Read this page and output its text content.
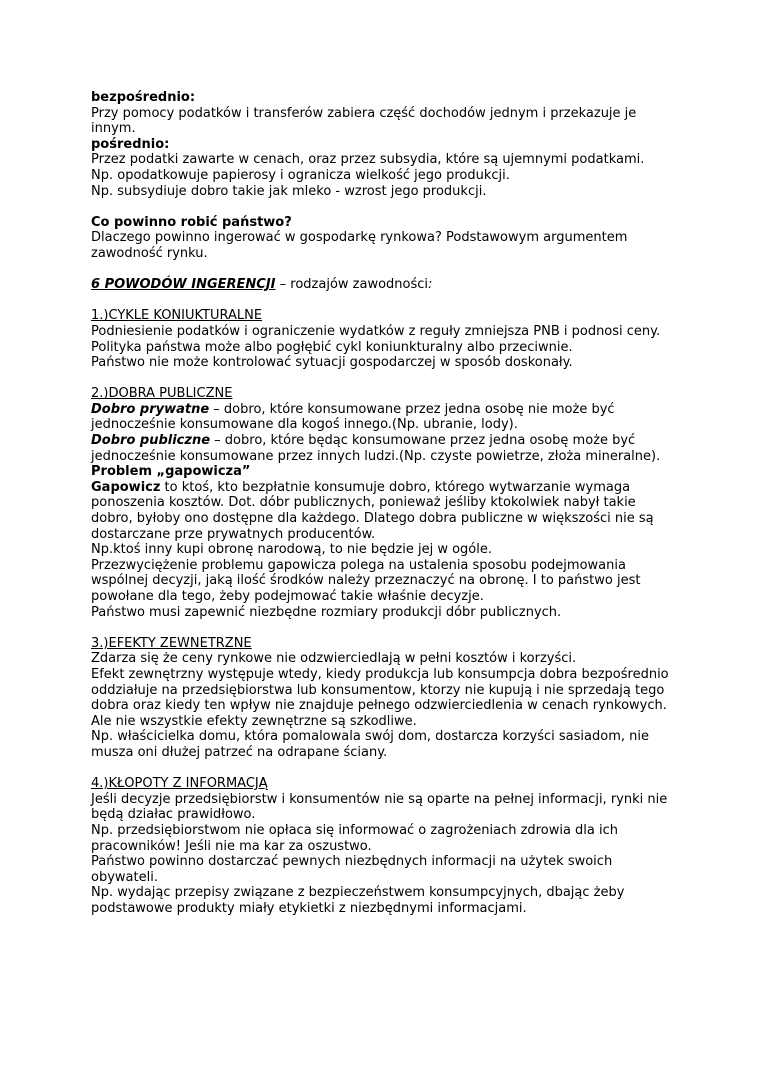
bezpośrednio:

Przy pomocy podatków i transferów zabiera część dochodów jednym i przekazuje je innym.

pośrednio:

Przez podatki zawarte w cenach, oraz przez subsydia, które są ujemnymi podatkami.

Np. opodatkowuje papierosy i ogranicza wielkość jego produkcji.

Np. subsydiuje dobro takie jak mleko - wzrost jego produkcji.

Co powinno robić państwo?

Dlaczego powinno ingerować w gospodarkę rynkowa? Podstawowym argumentem zawodność rynku.

6 POWODÓW INGERENCJI – rodzajów zawodności:

1.)CYKLE KONIUKTURALNE

Podniesienie podatków i ograniczenie wydatków z reguły zmniejsza PNB i podnosi ceny.

Polityka państwa może albo pogłębić cykl koniunkturalny albo przeciwnie.

Państwo nie może kontrolować sytuacji gospodarczej w sposób doskonały.

2.)DOBRA PUBLICZNE

Dobro prywatne – dobro, które konsumowane przez jedna osobę nie może być jednocześnie konsumowane dla kogoś innego.(Np. ubranie, lody).

Dobro publiczne – dobro, które będąc konsumowane przez jedna osobę może być jednocześnie konsumowane przez innych ludzi.(Np. czyste powietrze, złoża mineralne).

Problem „gapowicza”

Gapowicz to ktoś, kto bezpłatnie konsumuje dobro, którego wytwarzanie wymaga ponoszenia kosztów. Dot. dóbr publicznych, ponieważ jeśliby ktokolwiek nabył takie dobro, byłoby ono dostępne dla każdego. Dlatego dobra publiczne w większości nie są dostarczane prze prywatnych producentów.

Np.ktoś inny kupi obronę narodową, to nie będzie jej w ogóle.

Przezwyciężenie problemu gapowicza polega na ustalenia sposobu podejmowania wspólnej decyzji, jaką ilość środków należy przeznaczyć na obronę. I to państwo jest powołane dla tego, żeby podejmować takie właśnie decyzje.

Państwo musi zapewnić niezbędne rozmiary produkcji dóbr publicznych.

3.)EFEKTY ZEWNETRZNE

Zdarza się że ceny rynkowe nie odzwierciedlają w pełni kosztów i korzyści.

Efekt zewnętrzny występuje wtedy, kiedy produkcja lub konsumpcja dobra bezpośrednio oddziałuje na przedsiębiorstwa lub konsumentow, ktorzy nie kupują i nie sprzedają tego dobra oraz kiedy ten wpływ nie znajduje pełnego odzwierciedlenia w cenach rynkowych.

Ale nie wszystkie efekty zewnętrzne są szkodliwe.

Np. właścicielka domu, która pomalowala swój dom, dostarcza korzyści sasiadom, nie musza oni dłużej patrzeć na odrapane ściany.

4.)KŁOPOTY Z INFORMACJĄ

Jeśli decyzje przedsiębiorstw i konsumentów nie są oparte na pełnej informacji, rynki nie będą działac prawidłowo.

Np. przedsiębiorstwom nie opłaca się informować o zagrożeniach zdrowia dla ich pracowników! Jeśli nie ma kar za oszustwo.

Państwo powinno dostarczać pewnych niezbędnych informacji na użytek swoich obywateli.

Np. wydając przepisy związane z bezpieczeństwem konsumpcyjnych, dbając żeby podstawowe produkty miały etykietki z niezbędnymi informacjami.
